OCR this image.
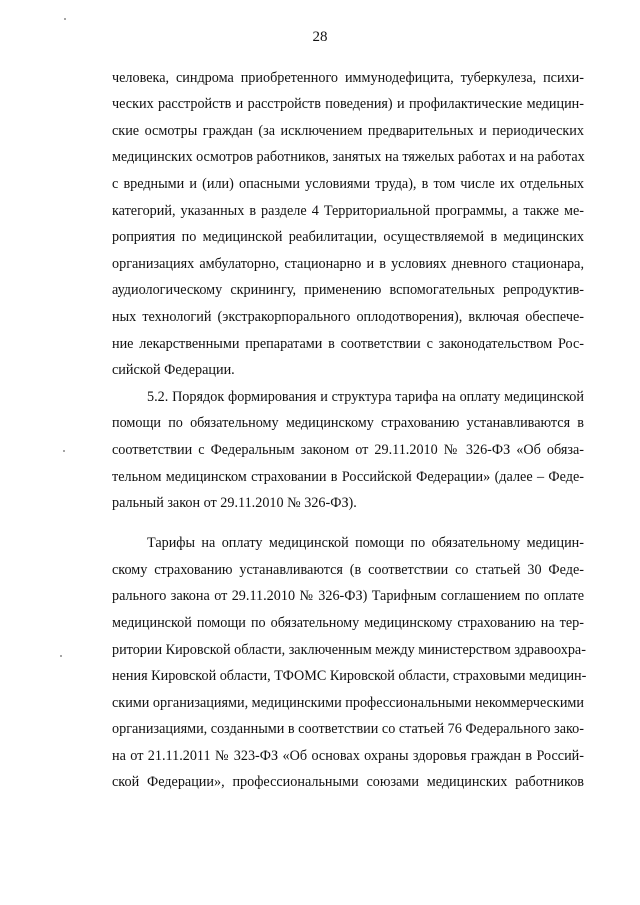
28
человека, синдрома приобретенного иммунодефицита, туберкулеза, психи-
ческих расстройств и расстройств поведения) и профилактические медицин-
ские осмотры граждан (за исключением предварительных и периодических
медицинских осмотров работников, занятых на тяжелых работах и на работах
с вредными и (или) опасными условиями труда), в том числе их отдельных
категорий, указанных в разделе 4 Территориальной программы, а также ме-
роприятия по медицинской реабилитации, осуществляемой в медицинских
организациях амбулаторно, стационарно и в условиях дневного стационара,
аудиологическому скринингу, применению вспомогательных репродуктив-
ных технологий (экстракорпорального оплодотворения), включая обеспече-
ние лекарственными препаратами в соответствии с законодательством Рос-
сийской Федерации.
5.2. Порядок формирования и структура тарифа на оплату медицинской
помощи по обязательному медицинскому страхованию устанавливаются в
соответствии с Федеральным законом от 29.11.2010 № 326-ФЗ «Об обяза-
тельном медицинском страховании в Российской Федерации» (далее – Феде-
ральный закон от 29.11.2010 № 326-ФЗ).
Тарифы на оплату медицинской помощи по обязательному медицин-
скому страхованию устанавливаются (в соответствии со статьей 30 Феде-
рального закона от 29.11.2010 № 326-ФЗ) Тарифным соглашением по оплате
медицинской помощи по обязательному медицинскому страхованию на тер-
ритории Кировской области, заключенным между министерством здравоохра-
нения Кировской области, ТФОМС Кировской области, страховыми медицин-
скими организациями, медицинскими профессиональными некоммерческими
организациями, созданными в соответствии со статьей 76 Федерального зако-
на от 21.11.2011 № 323-ФЗ «Об основах охраны здоровья граждан в Россий-
ской Федерации», профессиональными союзами медицинских работников
